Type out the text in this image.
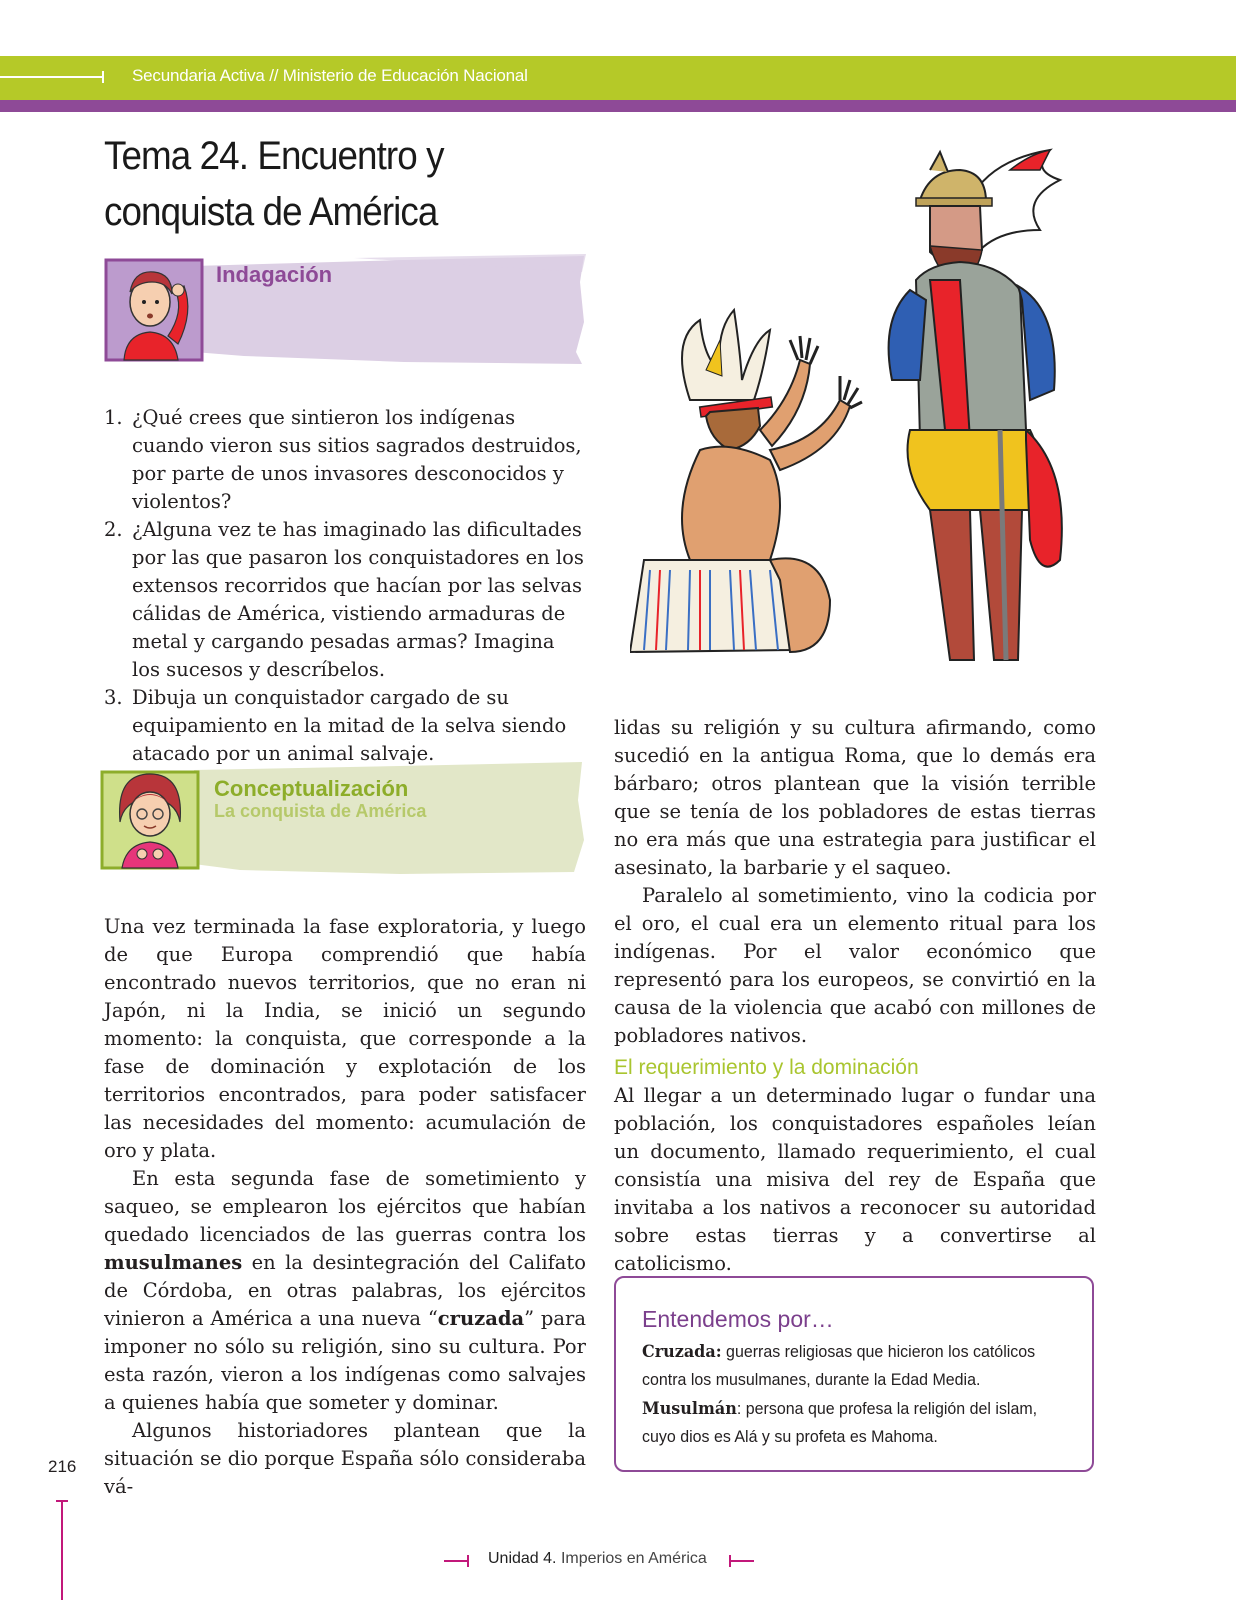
Secundaria Activa // Ministerio de Educación Nacional
Tema 24. Encuentro y
conquista de América
Indagación
1. ¿Qué crees que sintieron los indígenas cuando vieron sus sitios sagrados destruidos, por parte de unos invasores desconocidos y violentos?
2. ¿Alguna vez te has imaginado las dificultades por las que pasaron los conquistadores en los extensos recorridos que hacían por las selvas cálidas de América, vistiendo armaduras de metal y cargando pesadas armas? Imagina los sucesos y descríbelos.
3. Dibuja un conquistador cargado de su equipamiento en la mitad de la selva siendo atacado por un animal salvaje.
Conceptualización
La conquista de América

Una vez terminada la fase exploratoria, y luego de que Europa comprendió que había encontrado nuevos territorios, que no eran ni Japón, ni la India, se inició un segundo momento: la conquista, que corresponde a la fase de dominación y explotación de los territorios encontrados, para poder satisfacer las necesidades del momento: acumulación de oro y plata.

En esta segunda fase de sometimiento y saqueo, se emplearon los ejércitos que habían quedado licenciados de las guerras contra los musulmanes en la desintegración del Califato de Córdoba, en otras palabras, los ejércitos vinieron a América a una nueva “cruzada” para imponer no sólo su religión, sino su cultura. Por esta razón, vieron a los indígenas como salvajes a quienes había que someter y dominar.

Algunos historiadores plantean que la situación se dio porque España sólo consideraba vá-

lidas su religión y su cultura afirmando, como sucedió en la antigua Roma, que lo demás era bárbaro; otros plantean que la visión terrible que se tenía de los pobladores de estas tierras no era más que una estrategia para justificar el asesinato, la barbarie y el saqueo.

Paralelo al sometimiento, vino la codicia por el oro, el cual era un elemento ritual para los indígenas. Por el valor económico que representó para los europeos, se convirtió en la causa de la violencia que acabó con millones de pobladores nativos.

El requerimiento y la dominación

Al llegar a un determinado lugar o fundar una población, los conquistadores españoles leían un documento, llamado requerimiento, el cual consistía una misiva del rey de España que invitaba a los nativos a reconocer su autoridad sobre estas tierras y a convertirse al catolicismo.

Entendemos por…
Cruzada: guerras religiosas que hicieron los católicos
contra los musulmanes, durante la Edad Media.
Musulmán: persona que profesa la religión del islam,
cuyo dios es Alá y su profeta es Mahoma.
216
Unidad 4. Imperios en América
